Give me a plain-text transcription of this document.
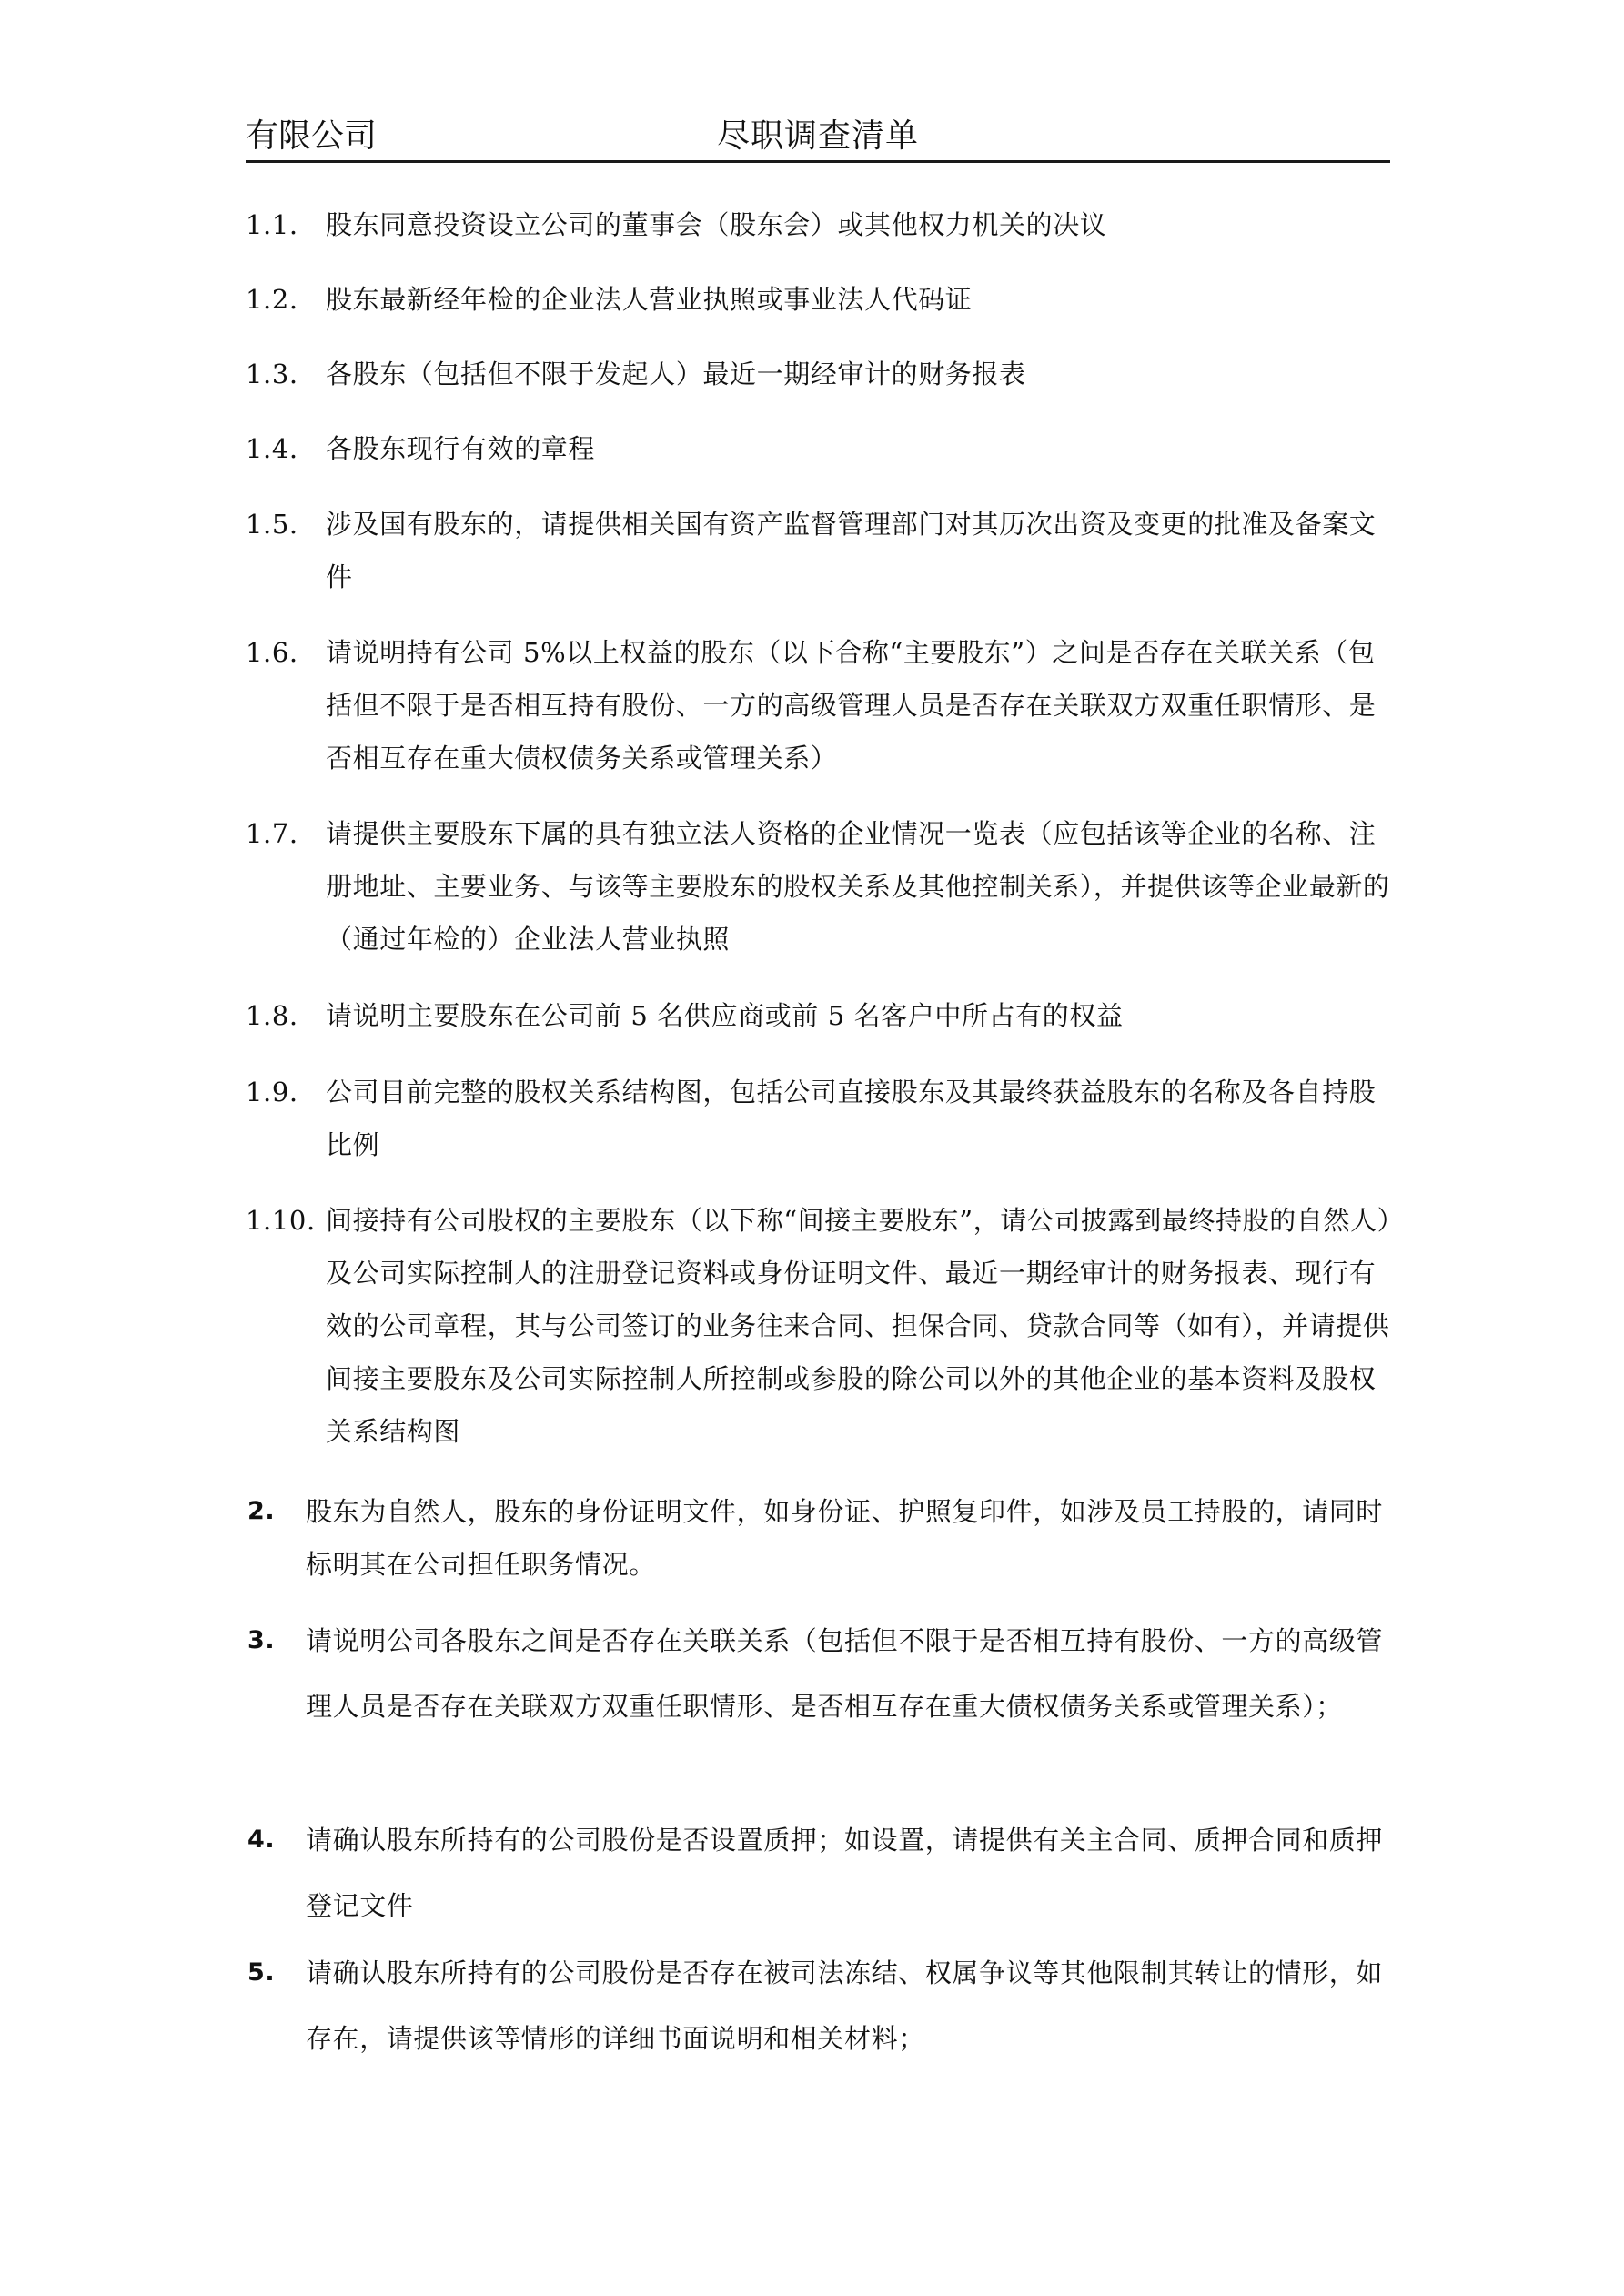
有限公司	尽职调查清单
1.1.	股东同意投资设立公司的董事会（股东会）或其他权力机关的决议
1.2.	股东最新经年检的企业法人营业执照或事业法人代码证
1.3.	各股东（包括但不限于发起人）最近一期经审计的财务报表
1.4.	各股东现行有效的章程
1.5.	涉及国有股东的，请提供相关国有资产监督管理部门对其历次出资及变更的批准及备案文件
1.6.	请说明持有公司 5%以上权益的股东（以下合称“主要股东”）之间是否存在关联关系（包括但不限于是否相互持有股份、一方的高级管理人员是否存在关联双方双重任职情形、是否相互存在重大债权债务关系或管理关系）
1.7.	请提供主要股东下属的具有独立法人资格的企业情况一览表（应包括该等企业的名称、注册地址、主要业务、与该等主要股东的股权关系及其他控制关系），并提供该等企业最新的（通过年检的）企业法人营业执照
1.8.	请说明主要股东在公司前 5 名供应商或前 5 名客户中所占有的权益
1.9.	公司目前完整的股权关系结构图，包括公司直接股东及其最终获益股东的名称及各自持股比例
1.10. 间接持有公司股权的主要股东（以下称“间接主要股东”，请公司披露到最终持股的自然人）及公司实际控制人的注册登记资料或身份证明文件、最近一期经审计的财务报表、现行有效的公司章程，其与公司签订的业务往来合同、担保合同、贷款合同等（如有），并请提供间接主要股东及公司实际控制人所控制或参股的除公司以外的其他企业的基本资料及股权关系结构图
2. 股东为自然人，股东的身份证明文件，如身份证、护照复印件，如涉及员工持股的，请同时标明其在公司担任职务情况。
3. 请说明公司各股东之间是否存在关联关系（包括但不限于是否相互持有股份、一方的高级管理人员是否存在关联双方双重任职情形、是否相互存在重大债权债务关系或管理关系）；
4. 请确认股东所持有的公司股份是否设置质押；如设置，请提供有关主合同、质押合同和质押登记文件
5. 请确认股东所持有的公司股份是否存在被司法冻结、权属争议等其他限制其转让的情形，如存在，请提供该等情形的详细书面说明和相关材料；
